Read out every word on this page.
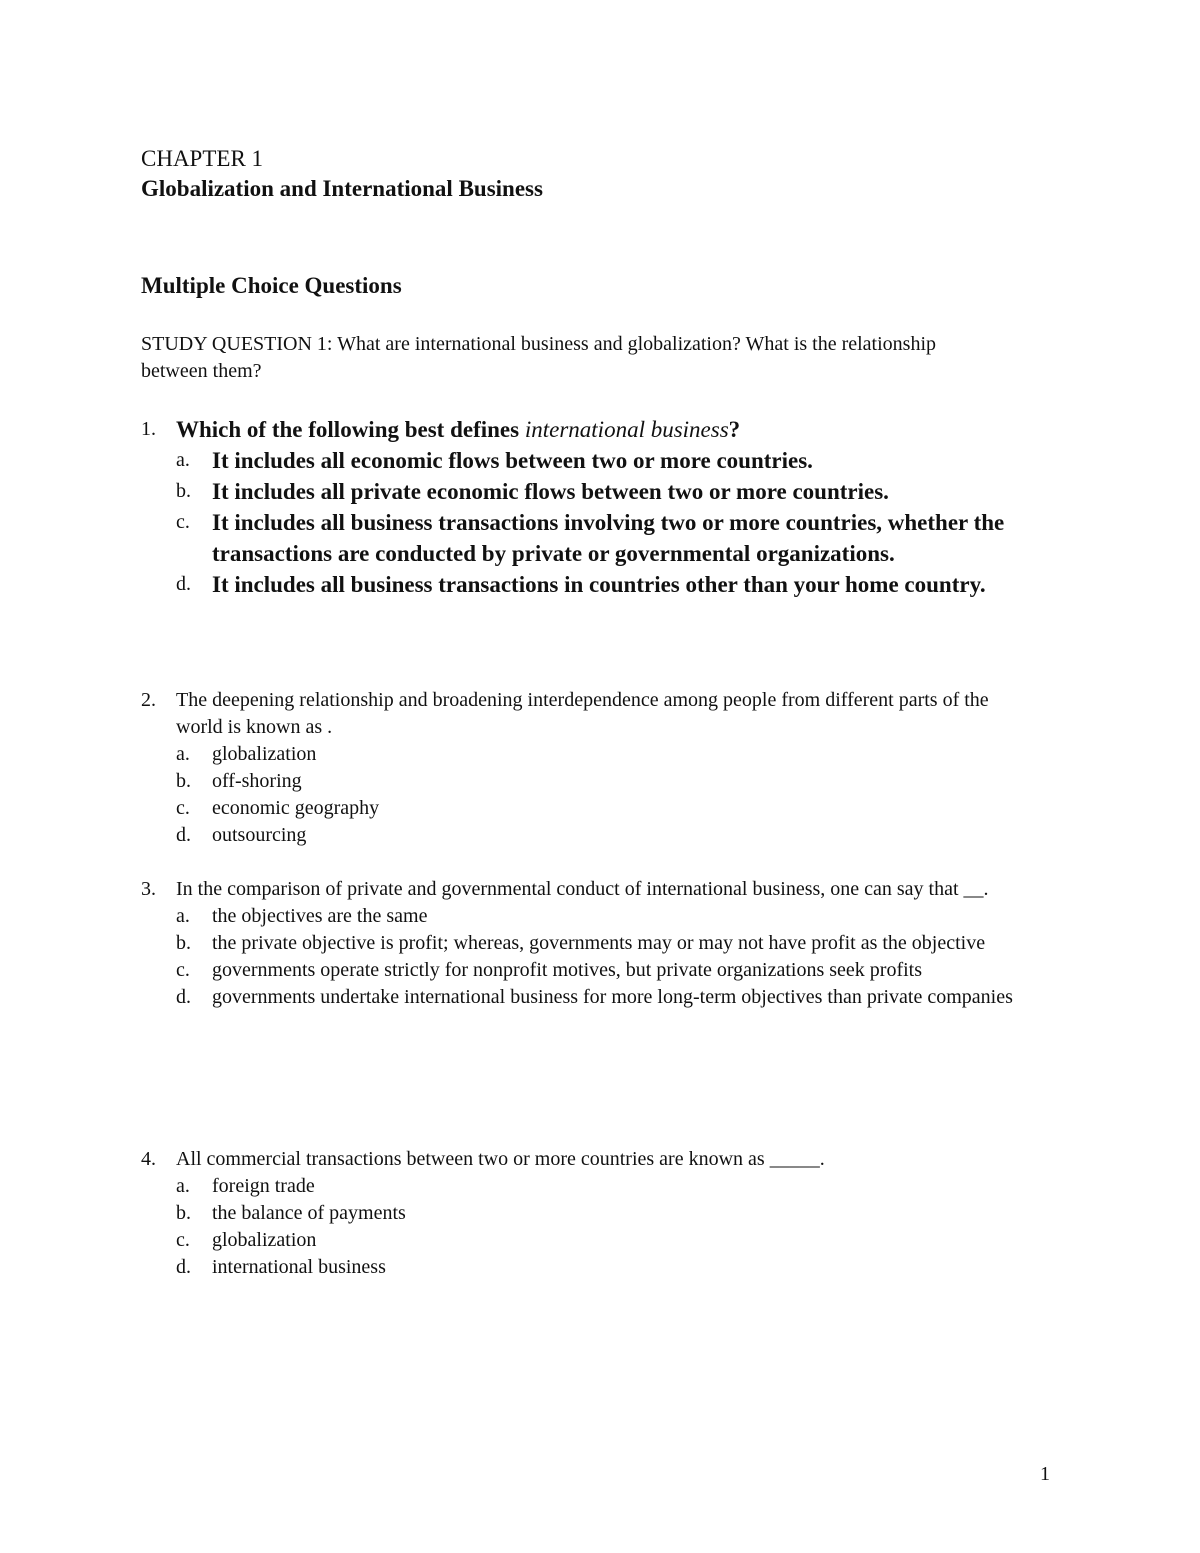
CHAPTER 1
Globalization and International Business
Multiple Choice Questions
STUDY QUESTION 1: What are international business and globalization? What is the relationship between them?
1. Which of the following best defines international business?
a. It includes all economic flows between two or more countries.
b. It includes all private economic flows between two or more countries.
c. It includes all business transactions involving two or more countries, whether the transactions are conducted by private or governmental organizations.
d. It includes all business transactions in countries other than your home country.
2.	The deepening relationship and broadening interdependence among people from different parts of the world is known as .
a.	globalization
b.	off-shoring
c.	economic geography
d.	outsourcing
3.	In the comparison of private and governmental conduct of international business, one can say that __.
a.	the objectives are the same
b.	the private objective is profit; whereas, governments may or may not have profit as the objective
c.	governments operate strictly for nonprofit motives, but private organizations seek profits
d.	governments undertake international business for more long-term objectives than private companies
4.	All commercial transactions between two or more countries are known as _____.
a.	foreign trade
b.	the balance of payments
c.	globalization
d.	international business
1
